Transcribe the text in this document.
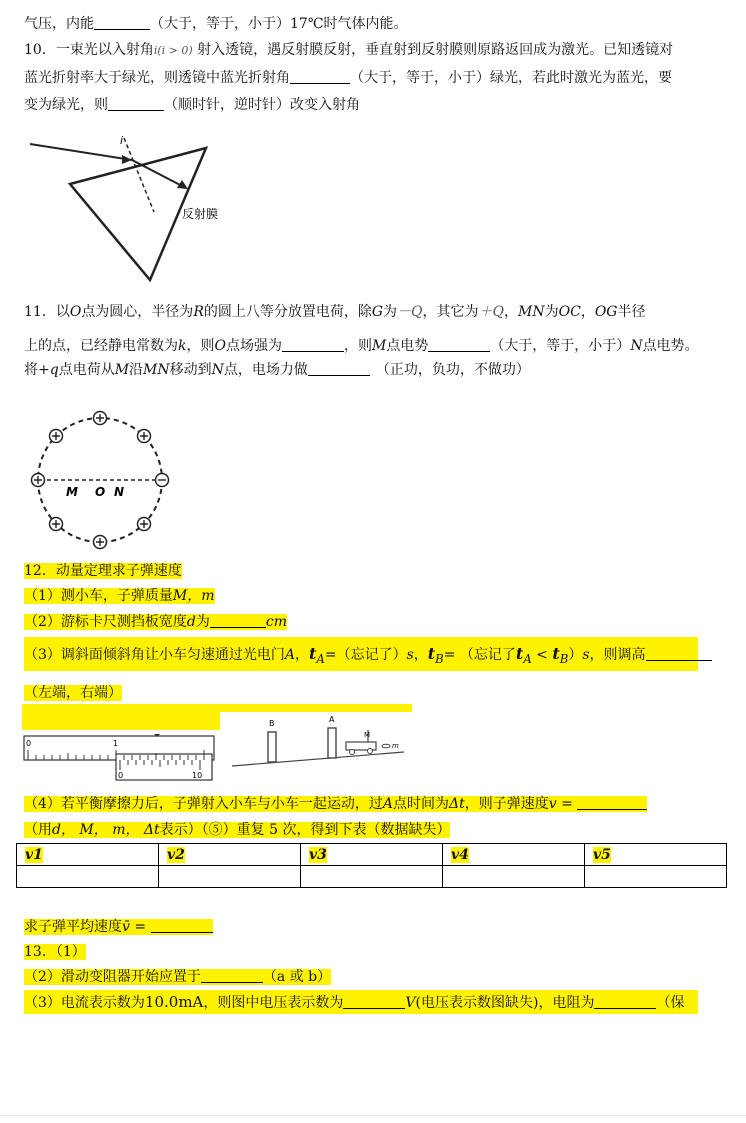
气压，内能	（大于，等于，小于）17℃时气体内能。
10．一束光以入射角i(i > 0) 射入透镜，遇反射膜反射，垂直射到反射膜则原路返回成为激光。已知透镜对
蓝光折射率大于绿光，则透镜中蓝光折射角	（大于，等于，小于）绿光，若此时激光为蓝光，要
变为绿光，则	（顺时针，逆时针）改变入射角
i
反射膜
11．以O点为圆心，半径为R的圆上八等分放置电荷，除G为－Q，其它为＋Q，MN为OC，OG半径
上的点，已经静电常数为k，则O点场强为	，则M点电势	（大于，等于，小于）N点电势。
将+q点电荷从M沿MN移动到N点，电场力做	（正功，负功，不做功）
M O N
12．动量定理求子弹速度
（1）测小车，子弹质量M，m
（2）游标卡尺测挡板宽度d为	cm
（3）调斜面倾斜角让小车匀速通过光电门A，$t_A=$（忘记了）s，$t_B=$ （忘记了$t_A < t_B)s$，则调高
（左端，右端）
0	1
0	10
B	A
M
m
（4）若平衡摩擦力后，子弹射入小车与小车一起运动，过A点时间为Δt，则子弹速度v =
（用d， M， m， Δt表示）（⑤）重复 5 次，得到下表（数据缺失）
v1	v2	v3	v4	v5

求子弹平均速度v̄ =
13．（1）
（2）滑动变阻器开始应置于	（a 或 b）
（3）电流表示数为10.0mA，则图中电压表示数为	V(电压表示数图缺失)，电阻为	（保
